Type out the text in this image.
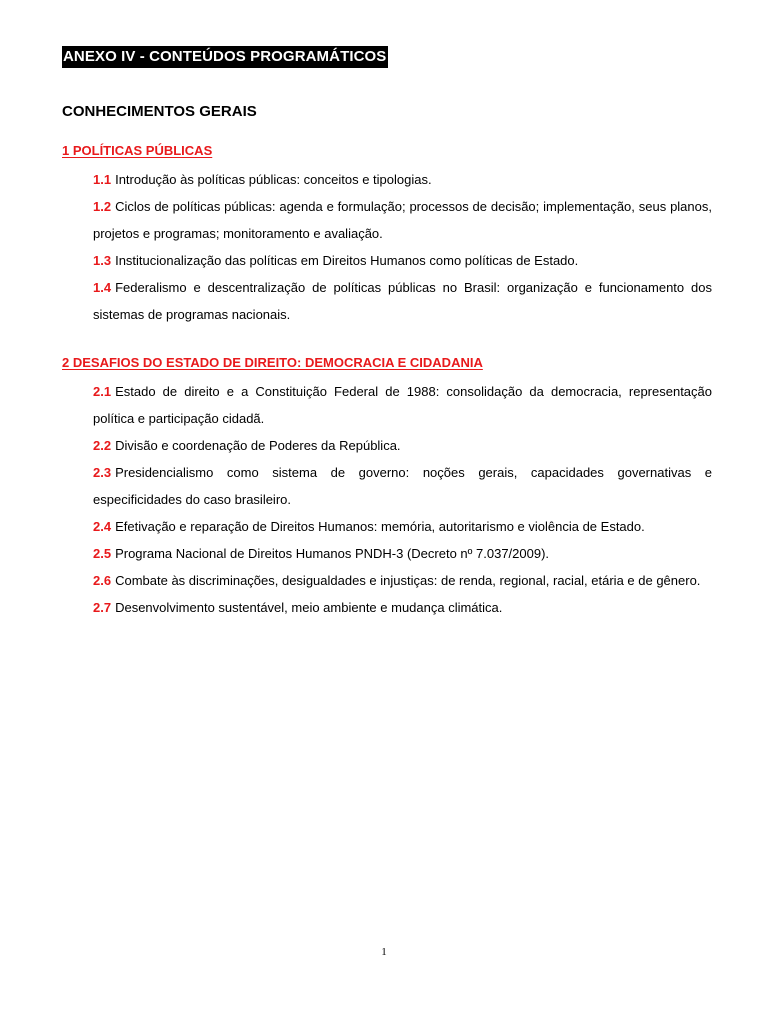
ANEXO IV - CONTEÚDOS PROGRAMÁTICOS
CONHECIMENTOS GERAIS
1 POLÍTICAS PÚBLICAS
1.1 Introdução às políticas públicas: conceitos e tipologias.
1.2 Ciclos de políticas públicas: agenda e formulação; processos de decisão; implementação, seus planos, projetos e programas; monitoramento e avaliação.
1.3 Institucionalização das políticas em Direitos Humanos como políticas de Estado.
1.4 Federalismo e descentralização de políticas públicas no Brasil: organização e funcionamento dos sistemas de programas nacionais.
2 DESAFIOS DO ESTADO DE DIREITO: DEMOCRACIA E CIDADANIA
2.1 Estado de direito e a Constituição Federal de 1988: consolidação da democracia, representação política e participação cidadã.
2.2 Divisão e coordenação de Poderes da República.
2.3 Presidencialismo como sistema de governo: noções gerais, capacidades governativas e especificidades do caso brasileiro.
2.4 Efetivação e reparação de Direitos Humanos: memória, autoritarismo e violência de Estado.
2.5 Programa Nacional de Direitos Humanos PNDH-3 (Decreto nº 7.037/2009).
2.6 Combate às discriminações, desigualdades e injustiças: de renda, regional, racial, etária e de gênero.
2.7 Desenvolvimento sustentável, meio ambiente e mudança climática.
1
